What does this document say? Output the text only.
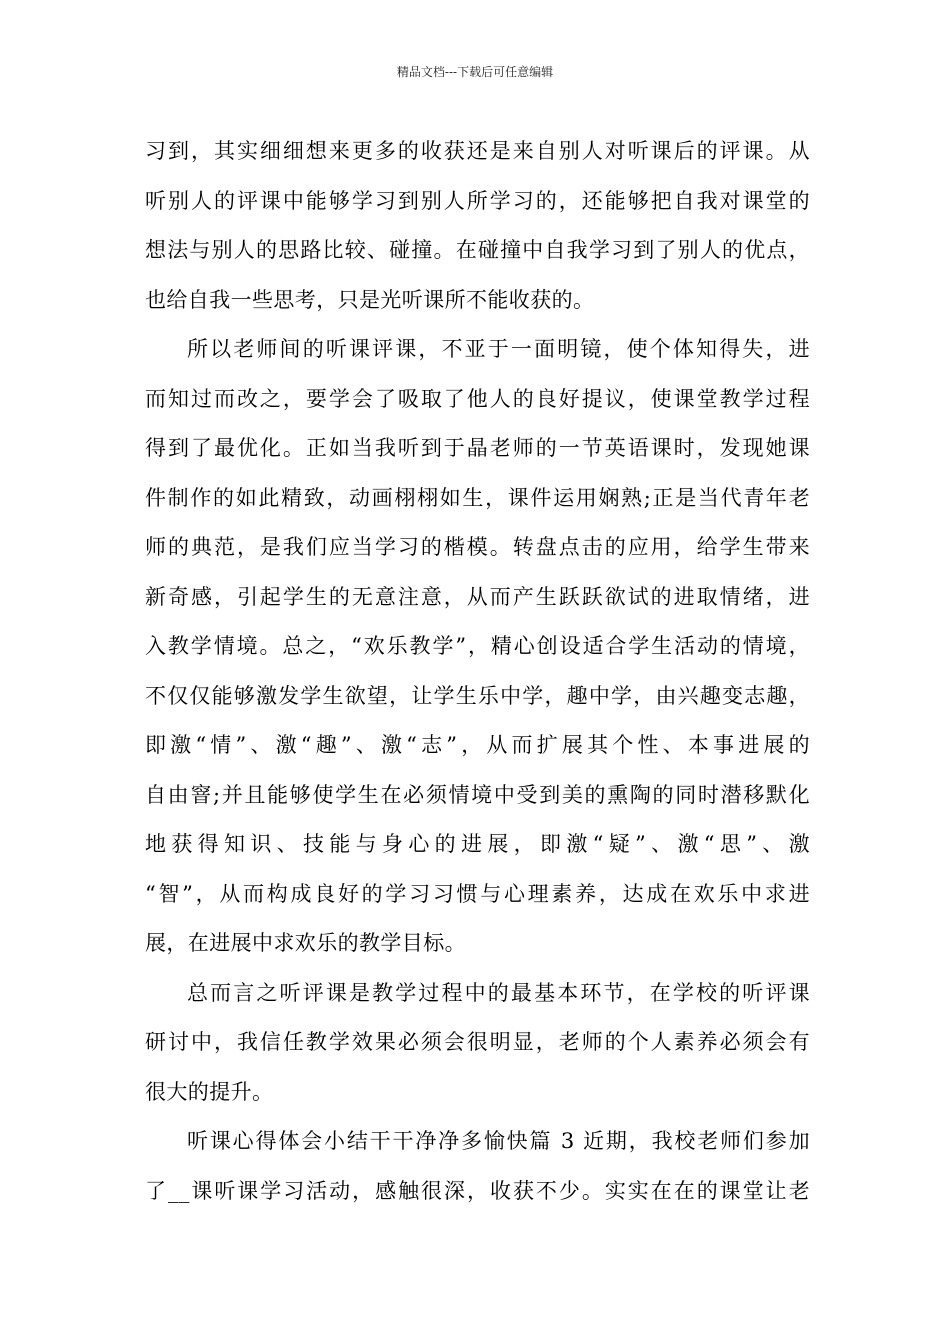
精品文档---下载后可任意编辑
习到，其实细细想来更多的收获还是来自别人对听课后的评课。从
听别人的评课中能够学习到别人所学习的，还能够把自我对课堂的
想法与别人的思路比较、碰撞。在碰撞中自我学习到了别人的优点，
也给自我一些思考，只是光听课所不能收获的。
所以老师间的听课评课，不亚于一面明镜，使个体知得失，进
而知过而改之，要学会了吸取了他人的良好提议，使课堂教学过程
得到了最优化。正如当我听到于晶老师的一节英语课时，发现她课
件制作的如此精致，动画栩栩如生，课件运用娴熟;正是当代青年老
师的典范，是我们应当学习的楷模。转盘点击的应用，给学生带来
新奇感，引起学生的无意注意，从而产生跃跃欲试的进取情绪，进
入教学情境。总之，“欢乐教学”，精心创设适合学生活动的情境，
不仅仅能够激发学生欲望，让学生乐中学，趣中学，由兴趣变志趣，
即激“情”、激“趣”、激“志”，从而扩展其个性、本事进展的
自由窨;并且能够使学生在必须情境中受到美的熏陶的同时潜移默化
地获得知识、技能与身心的进展，即激“疑”、激“思”、激
“智”，从而构成良好的学习习惯与心理素养，达成在欢乐中求进
展，在进展中求欢乐的教学目标。
总而言之听评课是教学过程中的最基本环节，在学校的听评课
研讨中，我信任教学效果必须会很明显，老师的个人素养必须会有
很大的提升。
听课心得体会小结干干净净多愉快篇 3 近期，我校老师们参加
了__课听课学习活动，感触很深，收获不少。实实在在的课堂让老
